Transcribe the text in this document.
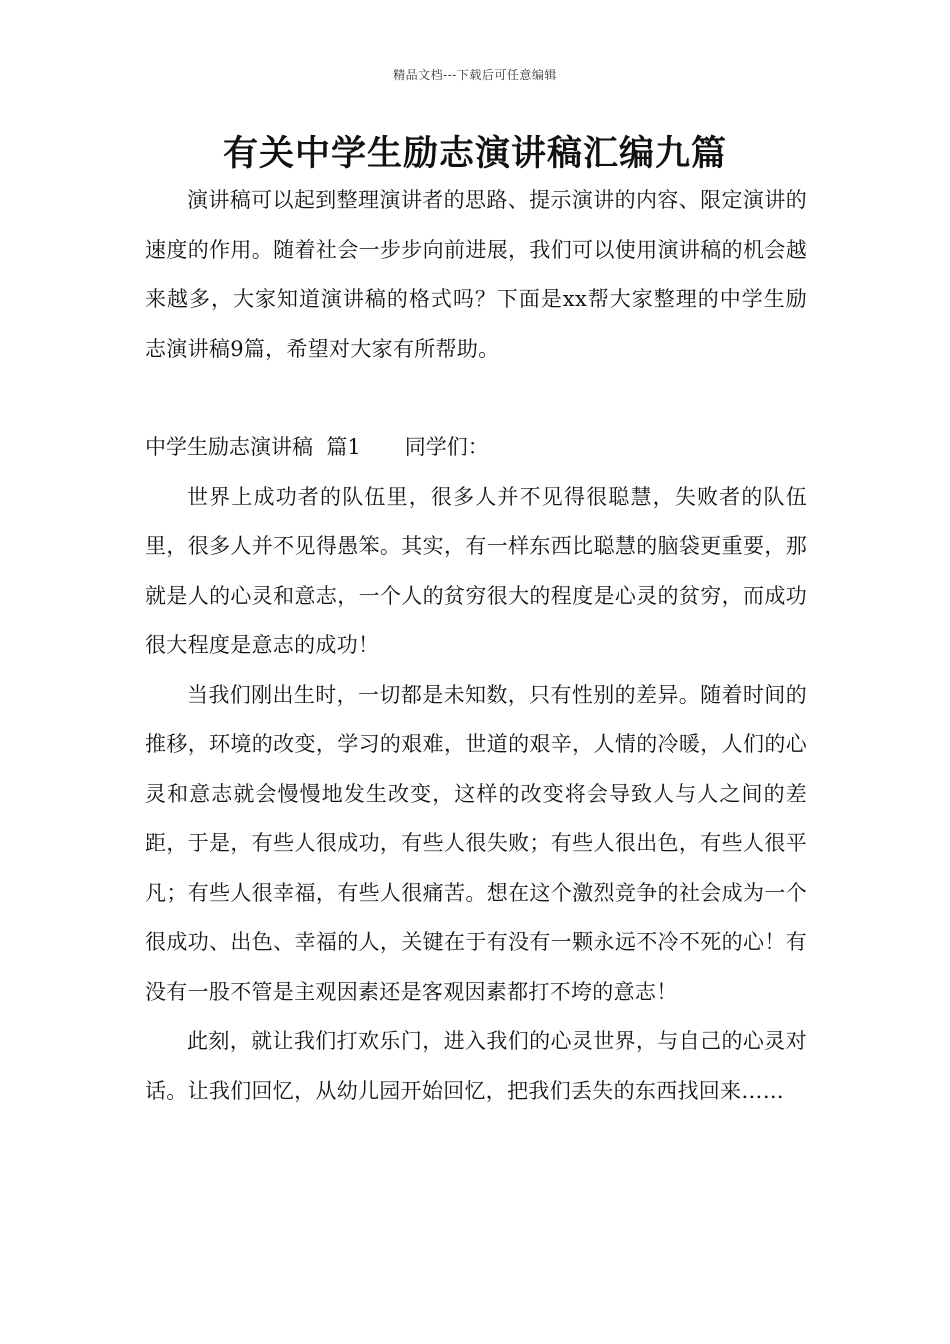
精品文档---下载后可任意编辑
有关中学生励志演讲稿汇编九篇

演讲稿可以起到整理演讲者的思路、提示演讲的内容、限定演讲的速度的作用。随着社会一步步向前进展，我们可以使用演讲稿的机会越来越多，大家知道演讲稿的格式吗？下面是xx帮大家整理的中学生励志演讲稿9篇，希望对大家有所帮助。

中学生励志演讲稿  篇1 同学们：

世界上成功者的队伍里，很多人并不见得很聪慧，失败者的队伍里，很多人并不见得愚笨。其实，有一样东西比聪慧的脑袋更重要，那就是人的心灵和意志，一个人的贫穷很大的程度是心灵的贫穷，而成功很大程度是意志的成功！

当我们刚出生时，一切都是未知数，只有性别的差异。随着时间的推移，环境的改变，学习的艰难，世道的艰辛，人情的冷暖，人们的心灵和意志就会慢慢地发生改变，这样的改变将会导致人与人之间的差距，于是，有些人很成功，有些人很失败；有些人很出色，有些人很平凡；有些人很幸福，有些人很痛苦。想在这个激烈竞争的社会成为一个很成功、出色、幸福的人，关键在于有没有一颗永远不冷不死的心！有没有一股不管是主观因素还是客观因素都打不垮的意志！

此刻，就让我们打欢乐门，进入我们的心灵世界，与自己的心灵对话。让我们回忆，从幼儿园开始回忆，把我们丢失的东西找回来……
